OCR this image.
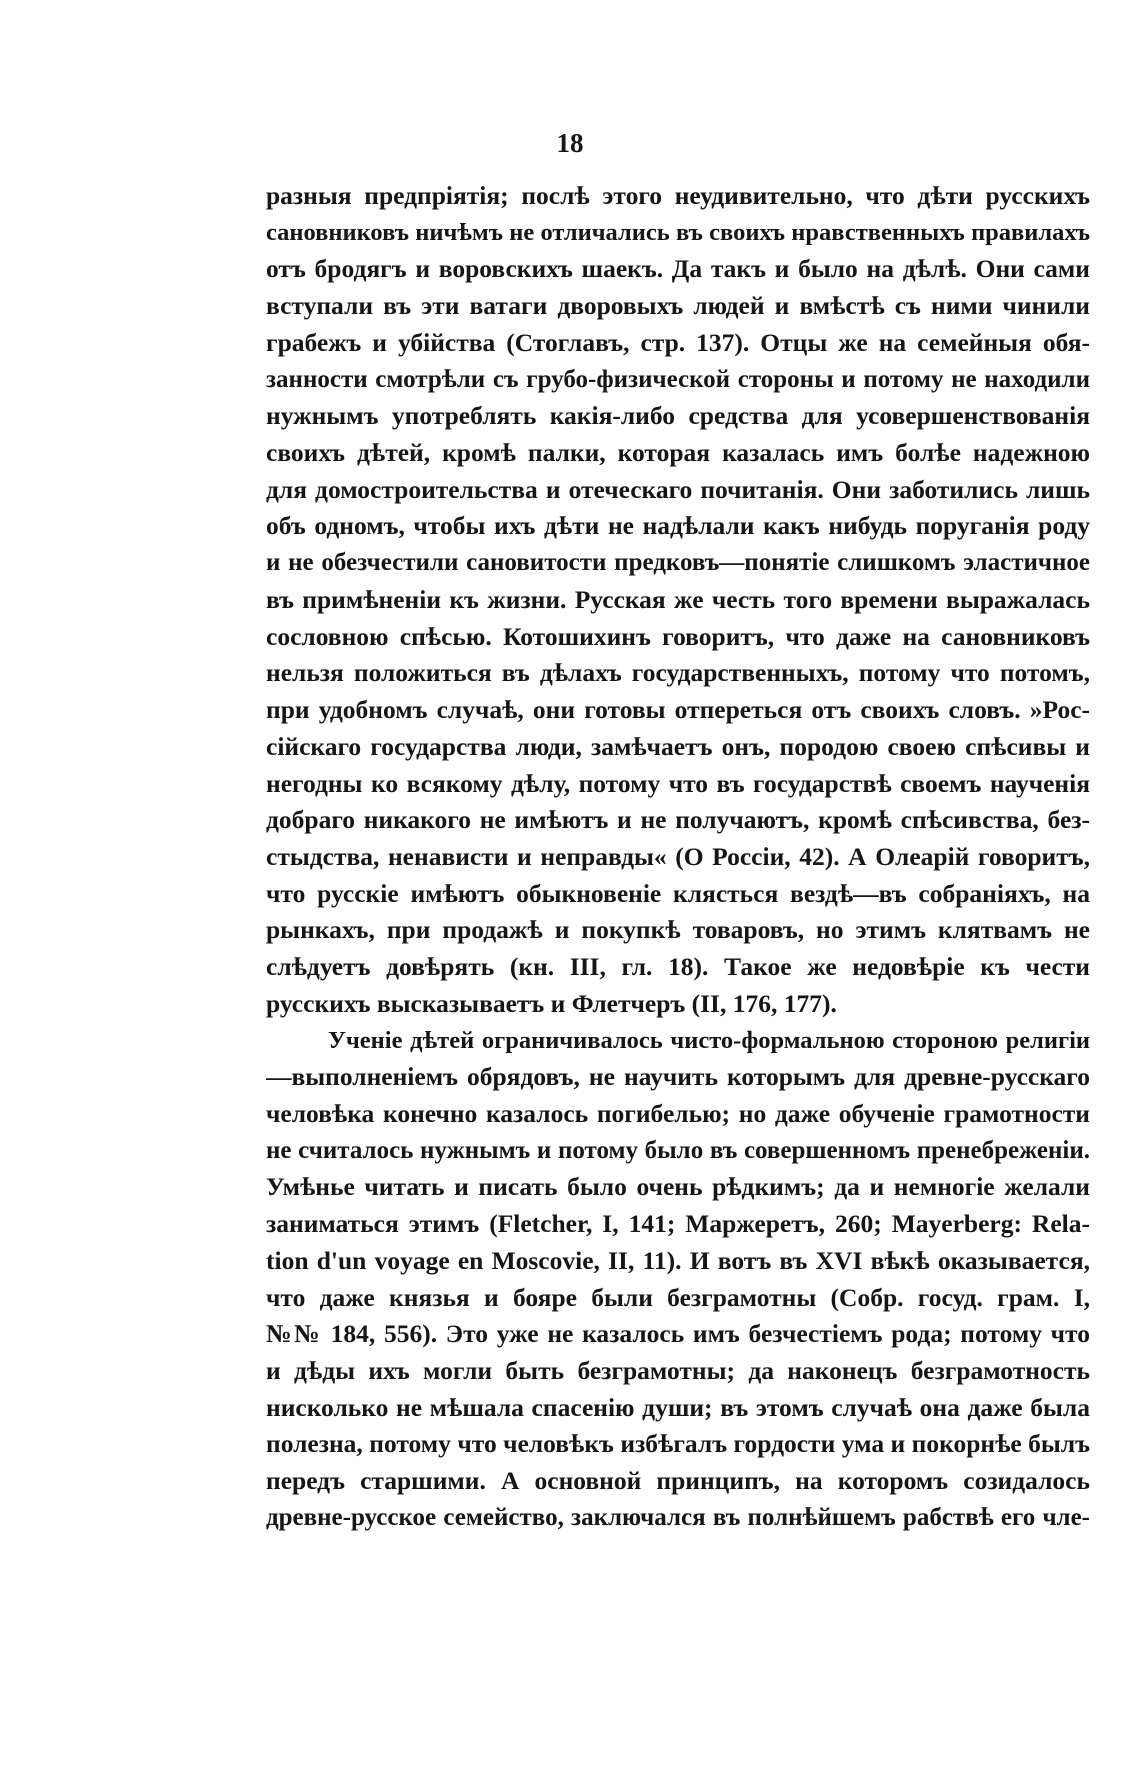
18
разныя предпріятія; послѣ этого неудивительно, что дѣти русскихъ
сановниковъ ничѣмъ не отличались въ своихъ нравственныхъ правилахъ
отъ бродягъ и воровскихъ шаекъ. Да такъ и было на дѣлѣ. Они сами
вступали въ эти ватаги дворовыхъ людей и вмѣстѣ съ ними чинили
грабежъ и убійства (Стоглавъ, стр. 137). Отцы же на семейныя обя-
занности смотрѣли съ грубо-физической стороны и потому не находили
нужнымъ употреблять какія-либо средства для усовершенствованія
своихъ дѣтей, кромѣ палки, которая казалась имъ болѣе надежною
для домостроительства и отеческаго почитанія. Они заботились лишь
объ одномъ, чтобы ихъ дѣти не надѣлали какъ нибудь поруганія роду
и не обезчестили сановитости предковъ—понятіе слишкомъ эластичное
въ примѣненіи къ жизни. Русская же честь того времени выражалась
сословною спѣсью. Котошихинъ говоритъ, что даже на сановниковъ
нельзя положиться въ дѣлахъ государственныхъ, потому что потомъ,
при удобномъ случаѣ, они готовы отпереться отъ своихъ словъ. »Рос-
сійскаго государства люди, замѣчаетъ онъ, породою своею спѣсивы и
негодны ко всякому дѣлу, потому что въ государствѣ своемъ наученія
добраго никакого не имѣютъ и не получаютъ, кромѣ спѣсивства, без-
стыдства, ненависти и неправды« (О Россіи, 42). А Олеарій говоритъ,
что русскіе имѣютъ обыкновеніе клясться вездѣ—въ собраніяхъ, на
рынкахъ, при продажѣ и покупкѣ товаровъ, но этимъ клятвамъ не
слѣдуетъ довѣрять (кн. III, гл. 18). Такое же недовѣріе къ чести
русскихъ высказываетъ и Флетчеръ (II, 176, 177).
Ученіе дѣтей ограничивалось чисто-формальною стороною религіи
—выполненіемъ обрядовъ, не научить которымъ для древне-русскаго
человѣка конечно казалось погибелью; но даже обученіе грамотности
не считалось нужнымъ и потому было въ совершенномъ пренебреженіи.
Умѣнье читать и писать было очень рѣдкимъ; да и немногіе желали
заниматься этимъ (Fletcher, I, 141; Маржеретъ, 260; Mayerberg: Rela-
tion d'un voyage en Moscovie, II, 11). И вотъ въ XVI вѣкѣ оказывается,
что даже князья и бояре были безграмотны (Собр. госуд. грам. I,
№№ 184, 556). Это уже не казалось имъ безчестіемъ рода; потому что
и дѣды ихъ могли быть безграмотны; да наконецъ безграмотность
нисколько не мѣшала спасенію души; въ этомъ случаѣ она даже была
полезна, потому что человѣкъ избѣгалъ гордости ума и покорнѣе былъ
передъ старшими. А основной принципъ, на которомъ созидалось
древне-русское семейство, заключался въ полнѣйшемъ рабствѣ его чле-
